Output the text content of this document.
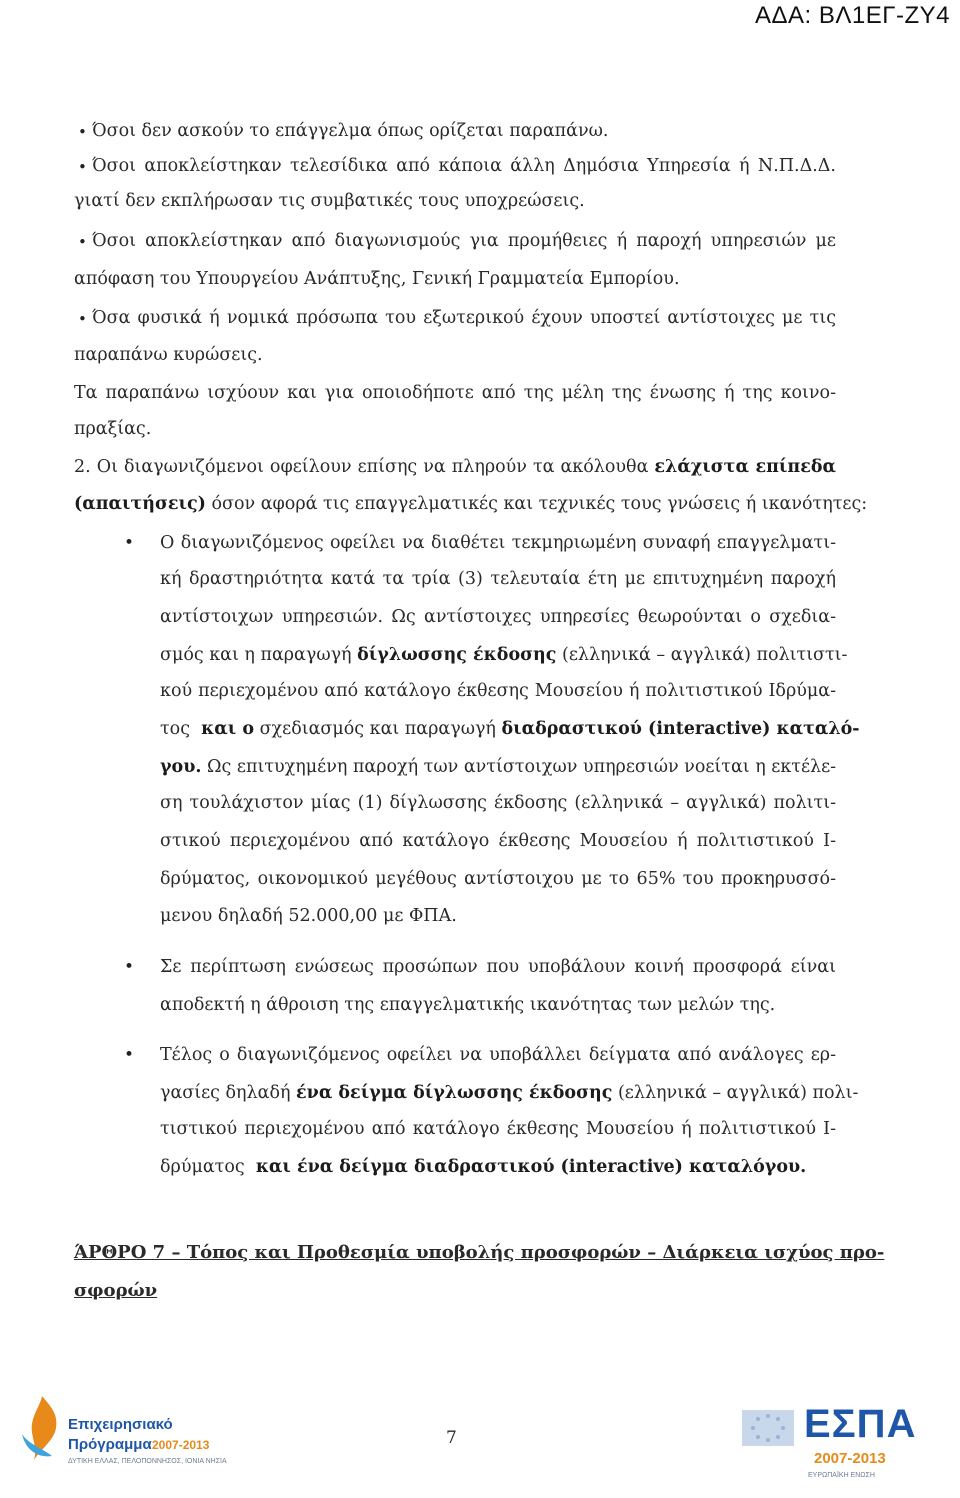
ΑΔΑ: ΒΛ1ΕΓ-ΖΥ4
• Όσοι δεν ασκούν το επάγγελμα όπως ορίζεται παραπάνω.
• Όσοι αποκλείστηκαν τελεσίδικα από κάποια άλλη Δημόσια Υπηρεσία ή Ν.Π.Δ.Δ.
γιατί δεν εκπλήρωσαν τις συμβατικές τους υποχρεώσεις.
• Όσοι αποκλείστηκαν από διαγωνισμούς για προμήθειες ή παροχή υπηρεσιών με
απόφαση του Υπουργείου Ανάπτυξης, Γενική Γραμματεία Εμπορίου.
• Όσα φυσικά ή νομικά πρόσωπα του εξωτερικού έχουν υποστεί αντίστοιχες με τις
παραπάνω κυρώσεις.
Τα παραπάνω ισχύουν και για οποιοδήποτε από της μέλη της ένωσης ή της κοινο-
πραξίας.
2. Οι διαγωνιζόμενοι οφείλουν επίσης να πληρούν τα ακόλουθα ελάχιστα επίπεδα
(απαιτήσεις) όσον αφορά τις επαγγελματικές και τεχνικές τους γνώσεις ή ικανότητες:
• Ο διαγωνιζόμενος οφείλει να διαθέτει τεκμηριωμένη συναφή επαγγελματι-
κή δραστηριότητα κατά τα τρία (3) τελευταία έτη με επιτυχημένη παροχή
αντίστοιχων υπηρεσιών. Ως αντίστοιχες υπηρεσίες θεωρούνται ο σχεδια-
σμός και η παραγωγή δίγλωσσης έκδοσης (ελληνικά – αγγλικά) πολιτιστι-
κού περιεχομένου από κατάλογο έκθεσης Μουσείου ή πολιτιστικού Ιδρύμα-
τος και ο σχεδιασμός και παραγωγή διαδραστικού (interactive) καταλό-
γου. Ως επιτυχημένη παροχή των αντίστοιχων υπηρεσιών νοείται η εκτέλε-
ση τουλάχιστον μίας (1) δίγλωσσης έκδοσης (ελληνικά – αγγλικά) πολιτι-
στικού περιεχομένου από κατάλογο έκθεσης Μουσείου ή πολιτιστικού Ι-
δρύματος, οικονομικού μεγέθους αντίστοιχου με το 65% του προκηρυσσό-
μενου δηλαδή 52.000,00 με ΦΠΑ.
• Σε περίπτωση ενώσεως προσώπων που υποβάλουν κοινή προσφορά είναι
αποδεκτή η άθροιση της επαγγελματικής ικανότητας των μελών της.
• Τέλος ο διαγωνιζόμενος οφείλει να υποβάλλει δείγματα από ανάλογες ερ-
γασίες δηλαδή ένα δείγμα δίγλωσσης έκδοσης (ελληνικά – αγγλικά) πολι-
τιστικού περιεχομένου από κατάλογο έκθεσης Μουσείου ή πολιτιστικού Ι-
δρύματος και ένα δείγμα διαδραστικού (interactive) καταλόγου.
ΆΡΘΡΟ 7 – Τόπος και Προθεσμία υποβολής προσφορών – Διάρκεια ισχύος προ-
σφορών
Επιχειρησιακό
Πρόγραμμα 2007-2013
ΔΥΤΙΚΗ ΕΛΛΑΣ, ΠΕΛΟΠΟΝΝΗΣΟΣ, ΙΟΝΙΑ ΝΗΣΙΑ
7	ΕΣΠΑ
2007-2013
ΕΥΡΩΠΑΪΚΗ ΕΝΩΣΗ
